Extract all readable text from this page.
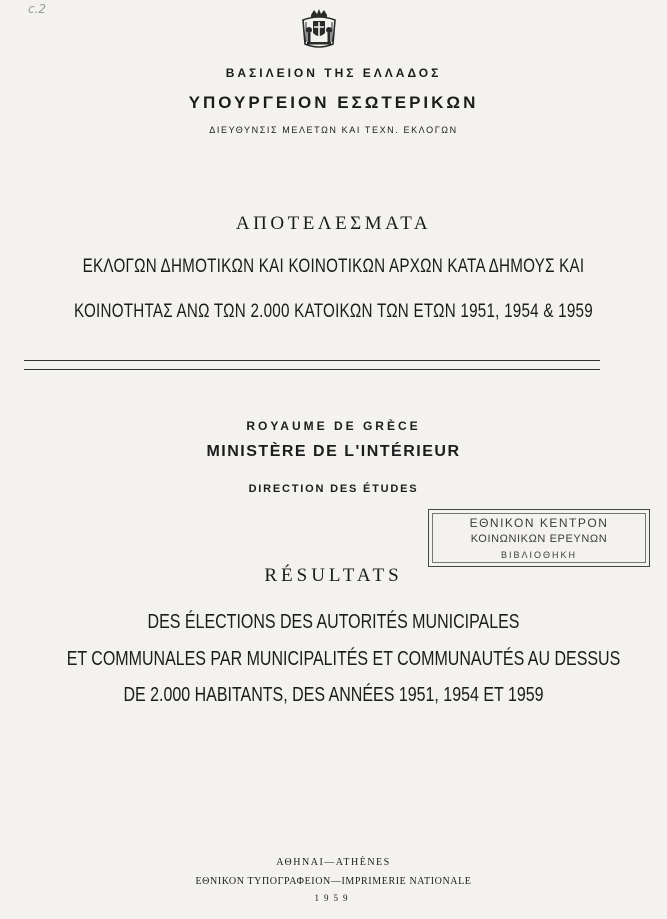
c.2
ΒΑΣΙΛΕΙΟΝ ΤΗΣ ΕΛΛΑΔΟΣ
ΥΠΟΥΡΓΕΙΟΝ ΕΣΩΤΕΡΙΚΩΝ
ΔΙΕΥΘΥΝΣΙΣ ΜΕΛΕΤΩΝ ΚΑΙ ΤΕΧΝ. ΕΚΛΟΓΩΝ
ΑΠΟΤΕΛΕΣΜΑΤΑ
ΕΚΛΟΓΩΝ ΔΗΜΟΤΙΚΩΝ ΚΑΙ ΚΟΙΝΟΤΙΚΩΝ ΑΡΧΩΝ ΚΑΤΑ ΔΗΜΟΥΣ ΚΑΙ
ΚΟΙΝΟΤΗΤΑΣ ΑΝΩ ΤΩΝ 2.000 ΚΑΤΟΙΚΩΝ ΤΩΝ ΕΤΩΝ 1951, 1954 & 1959
ROYAUME DE GRÈCE
MINISTÈRE DE L'INTÉRIEUR
DIRECTION DES ÉTUDES
ΕΘΝΙΚΟΝ ΚΕΝΤΡΟΝ
ΚΟΙΝΩΝΙΚΩΝ ΕΡΕΥΝΩΝ
ΒΙΒΛΙΟΘΗΚΗ
RÉSULTATS
DES ÉLECTIONS DES AUTORITÉS MUNICIPALES
ET COMMUNALES PAR MUNICIPALITÉS ET COMMUNAUTÉS AU DESSUS
DE 2.000 HABITANTS, DES ANNÉES 1951, 1954 ET 1959
ΑΘΗΝΑΙ—ΑΤΗÈΝΕS
ΕΘΝΙΚΟΝ ΤΥΠΟΓΡΑΦΕΙΟΝ—IMPRIMERIE NATIONALE
1959
